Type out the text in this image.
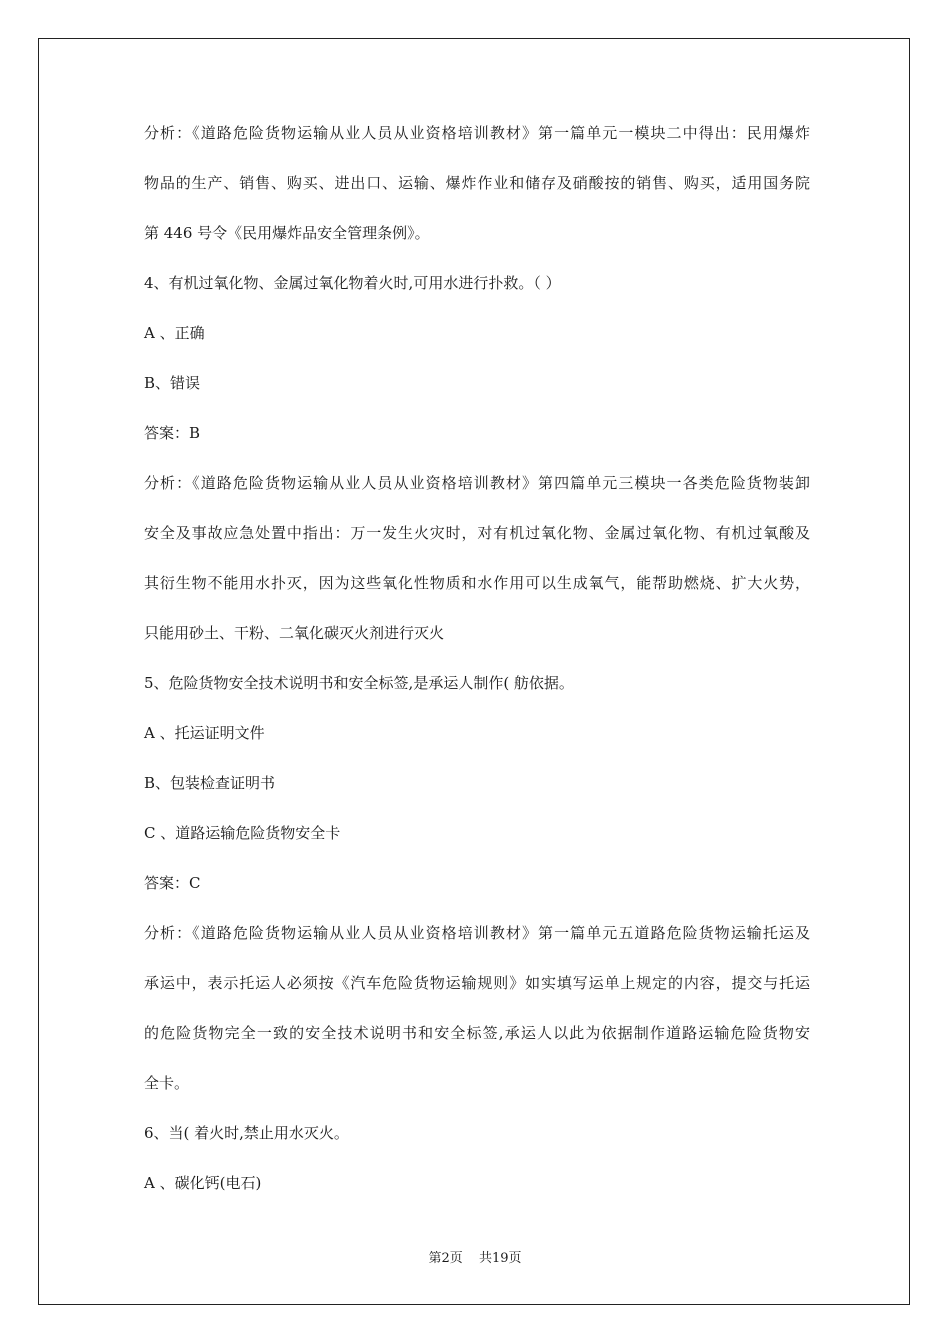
分析：《道路危险货物运输从业人员从业资格培训教材》第一篇单元一模块二中得出：民用爆炸

物品的生产、销售、购买、进出口、运输、爆炸作业和储存及硝酸按的销售、购买，适用国务院

第 446 号令《民用爆炸品安全管理条例》。

4、有机过氧化物、金属过氧化物着火时,可用水进行扑救。（ ）

A 、正确

B、错误

答案：B

分析：《道路危险货物运输从业人员从业资格培训教材》第四篇单元三模块一各类危险货物装卸

安全及事故应急处置中指出：万一发生火灾时，对有机过氧化物、金属过氧化物、有机过氧酸及

其衍生物不能用水扑灭，因为这些氧化性物质和水作用可以生成氧气，能帮助燃烧、扩大火势，

只能用砂土、干粉、二氧化碳灭火剂进行灭火

5、危险货物安全技术说明书和安全标签,是承运人制作( 舫依据。

A 、托运证明文件

B、包装检查证明书

C 、道路运输危险货物安全卡

答案：C

分析：《道路危险货物运输从业人员从业资格培训教材》第一篇单元五道路危险货物运输托运及

承运中，表示托运人必须按《汽车危险货物运输规则》如实填写运单上规定的内容，提交与托运

的危险货物完全一致的安全技术说明书和安全标签,承运人以此为依据制作道路运输危险货物安

全卡。

6、当( 着火时,禁止用水灭火。

A 、碳化钙(电石)

第2页 共19页
